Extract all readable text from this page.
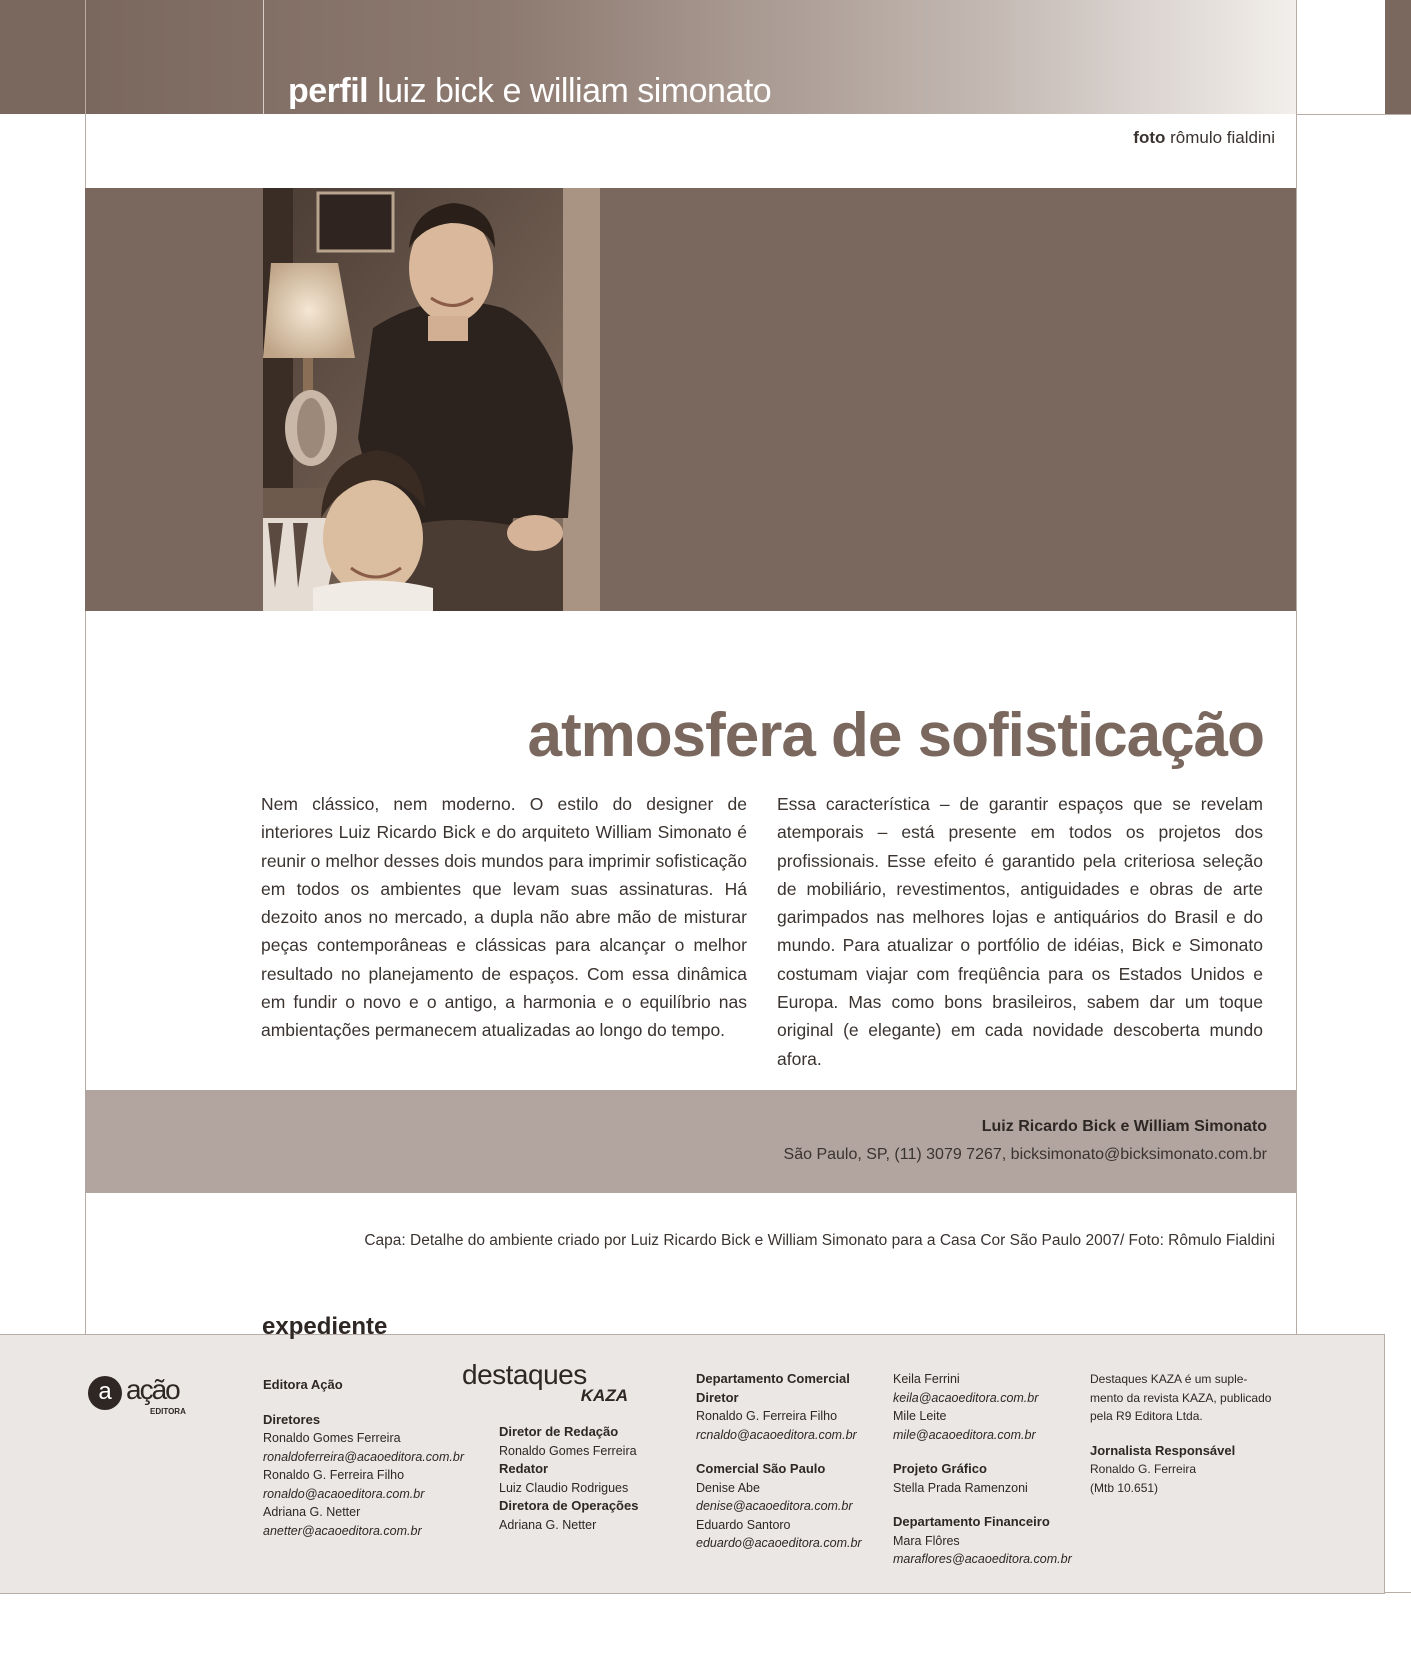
perfil luiz bick e william simonato
foto rômulo fialdini
atmosfera de sofisticação
Nem clássico, nem moderno. O estilo do designer de interiores Luiz Ricardo Bick e do arquiteto William Simonato é reunir o melhor desses dois mundos para imprimir sofisticação em todos os ambientes que levam suas assinaturas. Há dezoito anos no mercado, a dupla não abre mão de misturar peças contemporâneas e clássicas para alcançar o melhor resultado no planejamento de espaços. Com essa dinâmica em fundir o novo e o antigo, a harmonia e o equilíbrio nas ambientações permanecem atualizadas ao longo do tempo.
Essa característica – de garantir espaços que se revelam atemporais – está presente em todos os projetos dos profissionais. Esse efeito é garantido pela criteriosa seleção de mobiliário, revestimentos, antiguidades e obras de arte garimpados nas melhores lojas e antiquários do Brasil e do mundo. Para atualizar o portfólio de idéias, Bick e Simonato costumam viajar com freqüência para os Estados Unidos e Europa. Mas como bons brasileiros, sabem dar um toque original (e elegante) em cada novidade descoberta mundo afora.
Luiz Ricardo Bick e William Simonato
São Paulo, SP, (11) 3079 7267, bicksimonato@bicksimonato.com.br
Capa: Detalhe do ambiente criado por Luiz Ricardo Bick e William Simonato para a Casa Cor São Paulo 2007/ Foto: Rômulo Fialdini
expediente
a ação
EDITORA
Editora Ação
Diretores
Ronaldo Gomes Ferreira
ronaldoferreira@acaoeditora.com.br
Ronaldo G. Ferreira Filho
ronaldo@acaoeditora.com.br
Adriana G. Netter
anetter@acaoeditora.com.br
destaques
KAZA
Diretor de Redação
Ronaldo Gomes Ferreira
Redator
Luiz Claudio Rodrigues
Diretora de Operações
Adriana G. Netter
Departamento Comercial
Diretor
Ronaldo G. Ferreira Filho
rcnaldo@acaoeditora.com.br
Comercial São Paulo
Denise Abe
denise@acaoeditora.com.br
Eduardo Santoro
eduardo@acaoeditora.com.br
Keila Ferrini
keila@acaoeditora.com.br
Mile Leite
mile@acaoeditora.com.br
Projeto Gráfico
Stella Prada Ramenzoni
Departamento Financeiro
Mara Flôres
maraflores@acaoeditora.com.br
Destaques KAZA é um suple-
mento da revista KAZA, publicado
pela R9 Editora Ltda.
Jornalista Responsável
Ronaldo G. Ferreira
(Mtb 10.651)
